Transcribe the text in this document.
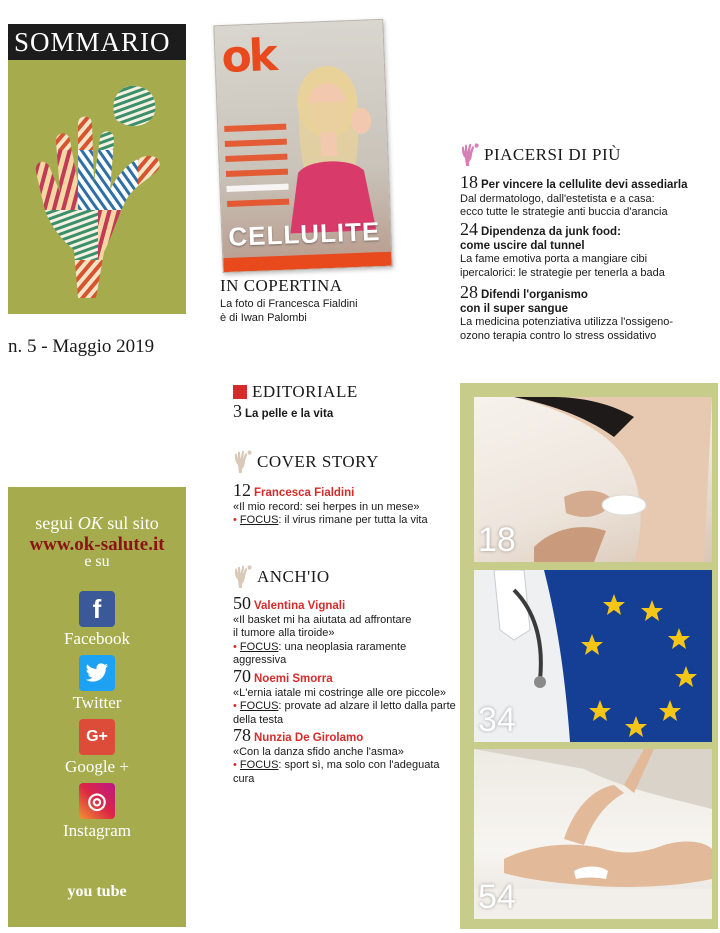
SOMMARIO
n. 5 - Maggio 2019
segui OK sul sito
www.ok-salute.it
e su
f
Facebook
Twitter
G+
Google +
◎
Instagram
you tube
ok
CELLULITE
IN COPERTINA
La foto di Francesca Fialdini
è di Iwan Palombi
PIACERSI DI PIÙ
18 Per vincere la cellulite devi assediarla
Dal dermatologo, dall'estetista e a casa:
ecco tutte le strategie anti buccia d'arancia
24 Dipendenza da junk food:
come uscire dal tunnel
La fame emotiva porta a mangiare cibi
ipercalorici: le strategie per tenerla a bada
28 Difendi l'organismo
con il super sangue
La medicina potenziativa utilizza l'ossigeno-
ozono terapia contro lo stress ossidativo
EDITORIALE
3 La pelle e la vita
COVER STORY
12 Francesca Fialdini
«Il mio record: sei herpes in un mese»
• FOCUS: il virus rimane per tutta la vita
ANCH'IO
50 Valentina Vignali
«Il basket mi ha aiutata ad affrontare
il tumore alla tiroide»
• FOCUS: una neoplasia raramente
aggressiva
70 Noemi Smorra
«L'ernia iatale mi costringe alle ore piccole»
• FOCUS: provate ad alzare il letto dalla parte
della testa
78 Nunzia De Girolamo
«Con la danza sfido anche l'asma»
• FOCUS: sport sì, ma solo con l'adeguata
cura
18
34
54
